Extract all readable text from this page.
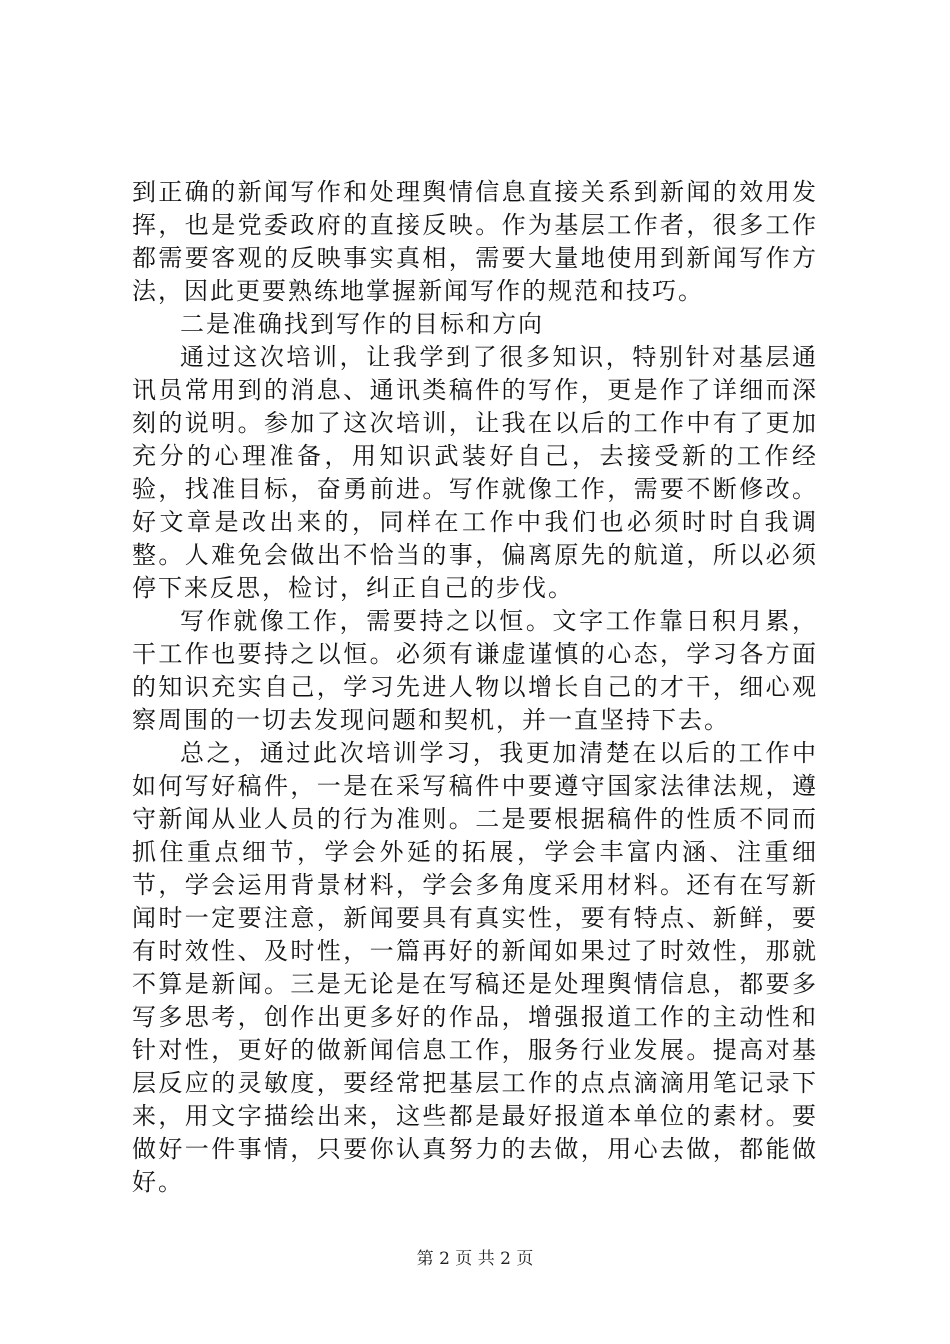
到正确的新闻写作和处理舆情信息直接关系到新闻的效用发挥，也是党委政府的直接反映。作为基层工作者，很多工作都需要客观的反映事实真相，需要大量地使用到新闻写作方法，因此更要熟练地掌握新闻写作的规范和技巧。

二是准确找到写作的目标和方向

通过这次培训，让我学到了很多知识，特别针对基层通讯员常用到的消息、通讯类稿件的写作，更是作了详细而深刻的说明。参加了这次培训，让我在以后的工作中有了更加充分的心理准备，用知识武装好自己，去接受新的工作经验，找准目标，奋勇前进。写作就像工作，需要不断修改。好文章是改出来的，同样在工作中我们也必须时时自我调整。人难免会做出不恰当的事，偏离原先的航道，所以必须停下来反思，检讨，纠正自己的步伐。

写作就像工作，需要持之以恒。文字工作靠日积月累，干工作也要持之以恒。必须有谦虚谨慎的心态，学习各方面的知识充实自己，学习先进人物以增长自己的才干，细心观察周围的一切去发现问题和契机，并一直坚持下去。

总之，通过此次培训学习，我更加清楚在以后的工作中如何写好稿件，一是在采写稿件中要遵守国家法律法规，遵守新闻从业人员的行为准则。二是要根据稿件的性质不同而抓住重点细节，学会外延的拓展，学会丰富内涵、注重细节，学会运用背景材料，学会多角度采用材料。还有在写新闻时一定要注意，新闻要具有真实性，要有特点、新鲜，要有时效性、及时性，一篇再好的新闻如果过了时效性，那就不算是新闻。三是无论是在写稿还是处理舆情信息，都要多写多思考，创作出更多好的作品，增强报道工作的主动性和针对性，更好的做新闻信息工作，服务行业发展。提高对基层反应的灵敏度，要经常把基层工作的点点滴滴用笔记录下来，用文字描绘出来，这些都是最好报道本单位的素材。要做好一件事情，只要你认真努力的去做，用心去做，都能做好。

第 2 页 共 2 页
